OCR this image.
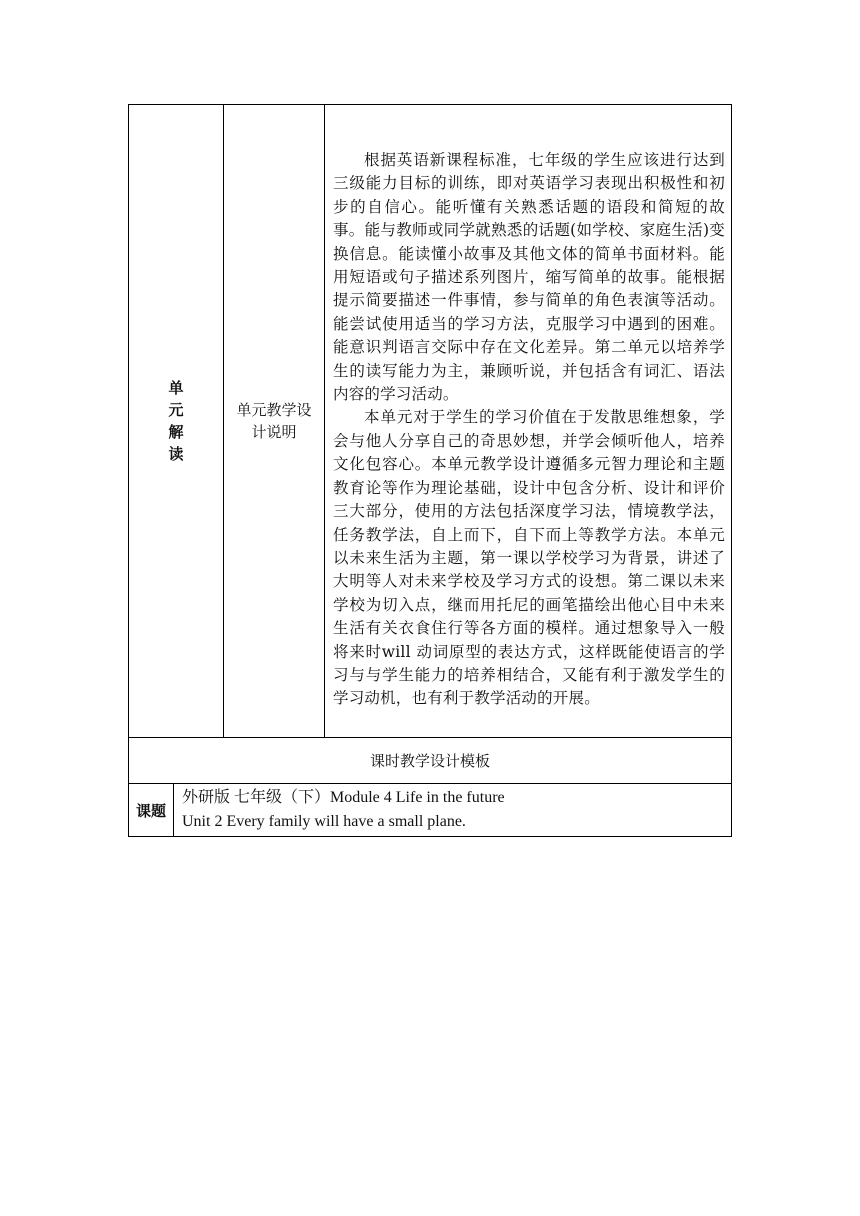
单
元
解
读
单元教学设计说明

根据英语新课程标准，七年级的学生应该进行达到三级能力目标的训练，即对英语学习表现出积极性和初步的自信心。能听懂有关熟悉话题的语段和简短的故事。能与教师或同学就熟悉的话题(如学校、家庭生活)变换信息。能读懂小故事及其他文体的简单书面材料。能用短语或句子描述系列图片，缩写简单的故事。能根据提示简要描述一件事情，参与简单的角色表演等活动。能尝试使用适当的学习方法，克服学习中遇到的困难。能意识判语言交际中存在文化差异。第二单元以培养学生的读写能力为主，兼顾听说，并包括含有词汇、语法内容的学习活动。

本单元对于学生的学习价值在于发散思维想象，学会与他人分享自己的奇思妙想，并学会倾听他人，培养文化包容心。本单元教学设计遵循多元智力理论和主题教育论等作为理论基础，设计中包含分析、设计和评价三大部分，使用的方法包括深度学习法，情境教学法，任务教学法，自上而下，自下而上等教学方法。本单元以未来生活为主题，第一课以学校学习为背景，讲述了大明等人对未来学校及学习方式的设想。第二课以未来学校为切入点，继而用托尼的画笔描绘出他心目中未来生活有关衣食住行等各方面的模样。通过想象导入一般将来时will 动词原型的表达方式，这样既能使语言的学习与与学生能力的培养相结合，又能有利于激发学生的学习动机，也有利于教学活动的开展。

课时教学设计模板
课题
外研版 七年级（下）Module 4 Life in the future
Unit 2 Every family will have a small plane.
